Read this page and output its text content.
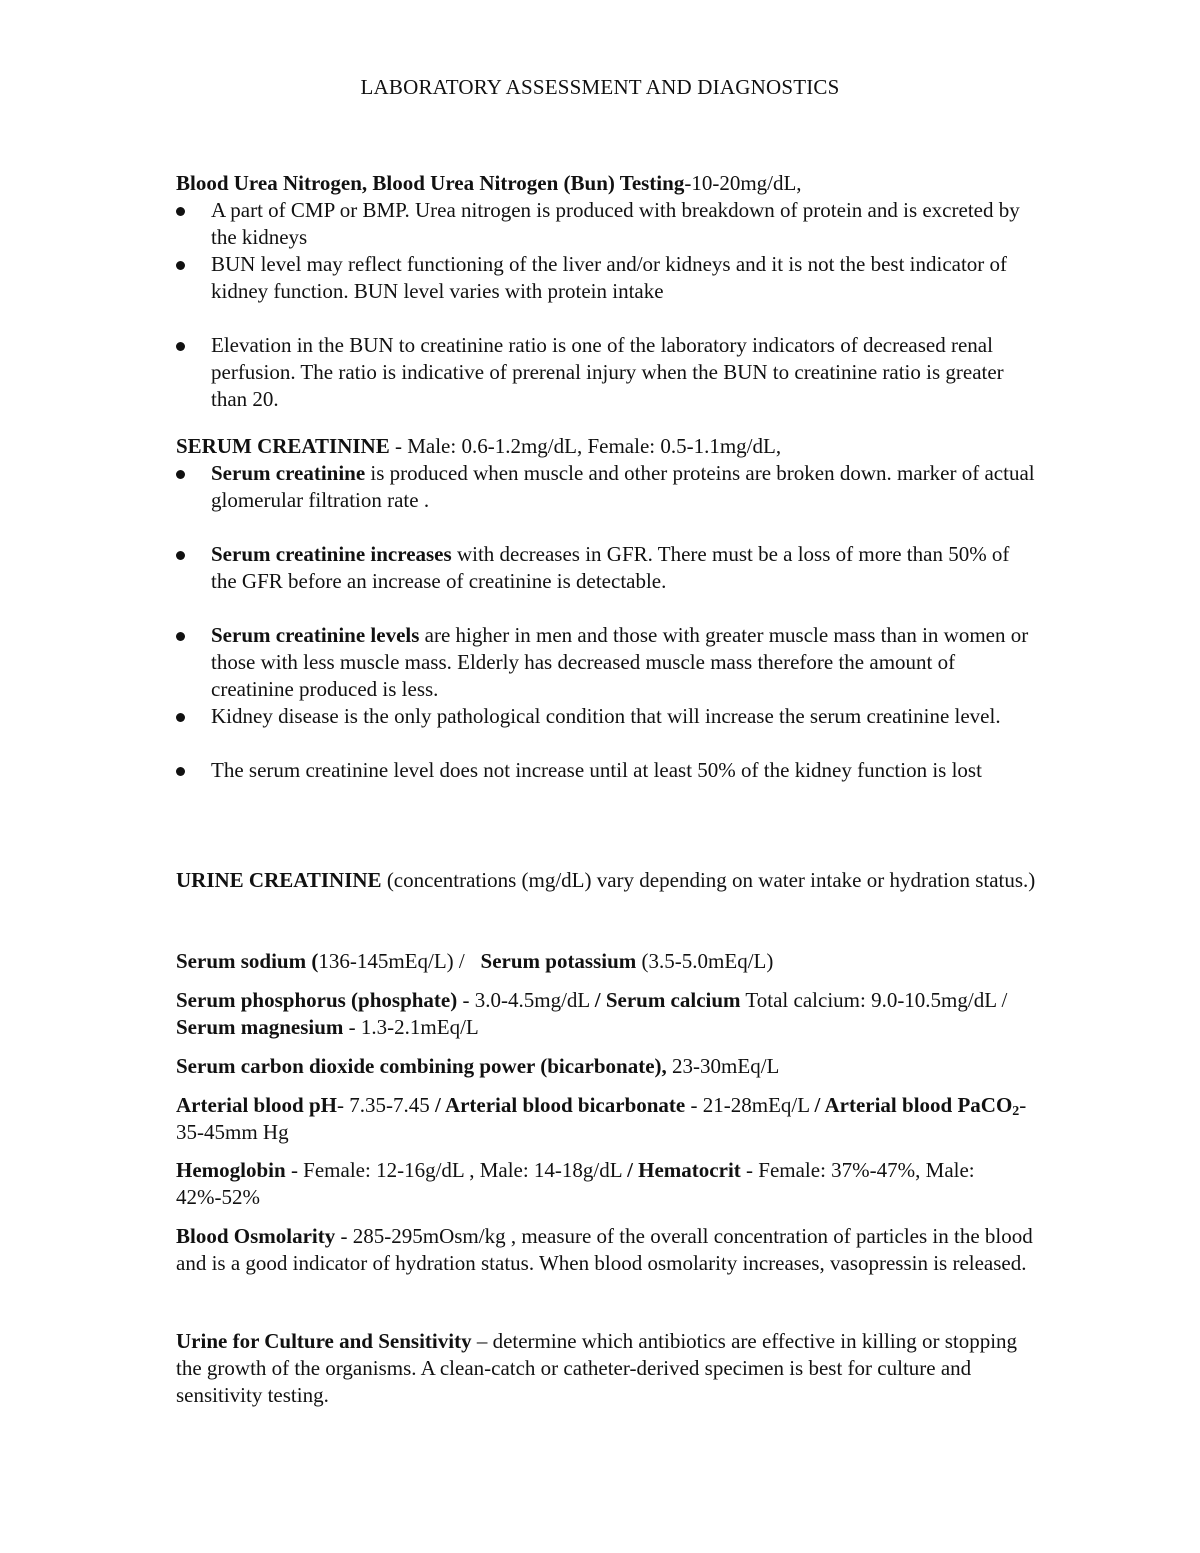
LABORATORY ASSESSMENT AND DIAGNOSTICS
Blood Urea Nitrogen, Blood Urea Nitrogen (Bun) Testing-10-20mg/dL,
A part of CMP or BMP. Urea nitrogen is produced with breakdown of protein and is excreted by the kidneys
BUN level may reflect functioning of the liver and/or kidneys and it is not the best indicator of kidney function. BUN level varies with protein intake
Elevation in the BUN to creatinine ratio is one of the laboratory indicators of decreased renal perfusion. The ratio is indicative of prerenal injury when the BUN to creatinine ratio is greater than 20.
SERUM CREATININE - Male: 0.6-1.2mg/dL, Female: 0.5-1.1mg/dL,
Serum creatinine is produced when muscle and other proteins are broken down. marker of actual glomerular filtration rate .
Serum creatinine increases with decreases in GFR. There must be a loss of more than 50% of the GFR before an increase of creatinine is detectable.
Serum creatinine levels are higher in men and those with greater muscle mass than in women or those with less muscle mass. Elderly has decreased muscle mass therefore the amount of creatinine produced is less.
Kidney disease is the only pathological condition that will increase the serum creatinine level.
The serum creatinine level does not increase until at least 50% of the kidney function is lost
URINE CREATININE (concentrations (mg/dL) vary depending on water intake or hydration status.)
Serum sodium (136-145mEq/L) /   Serum potassium (3.5-5.0mEq/L)
Serum phosphorus (phosphate) - 3.0-4.5mg/dL / Serum calcium Total calcium: 9.0-10.5mg/dL / Serum magnesium - 1.3-2.1mEq/L
Serum carbon dioxide combining power (bicarbonate), 23-30mEq/L
Arterial blood pH- 7.35-7.45 / Arterial blood bicarbonate - 21-28mEq/L / Arterial blood PaCO$_2$- 35-45mm Hg
Hemoglobin - Female: 12-16g/dL , Male: 14-18g/dL / Hematocrit - Female: 37%-47%, Male: 42%-52%
Blood Osmolarity - 285-295mOsm/kg , measure of the overall concentration of particles in the blood and is a good indicator of hydration status. When blood osmolarity increases, vasopressin is released.
Urine for Culture and Sensitivity – determine which antibiotics are effective in killing or stopping the growth of the organisms. A clean-catch or catheter-derived specimen is best for culture and sensitivity testing.
